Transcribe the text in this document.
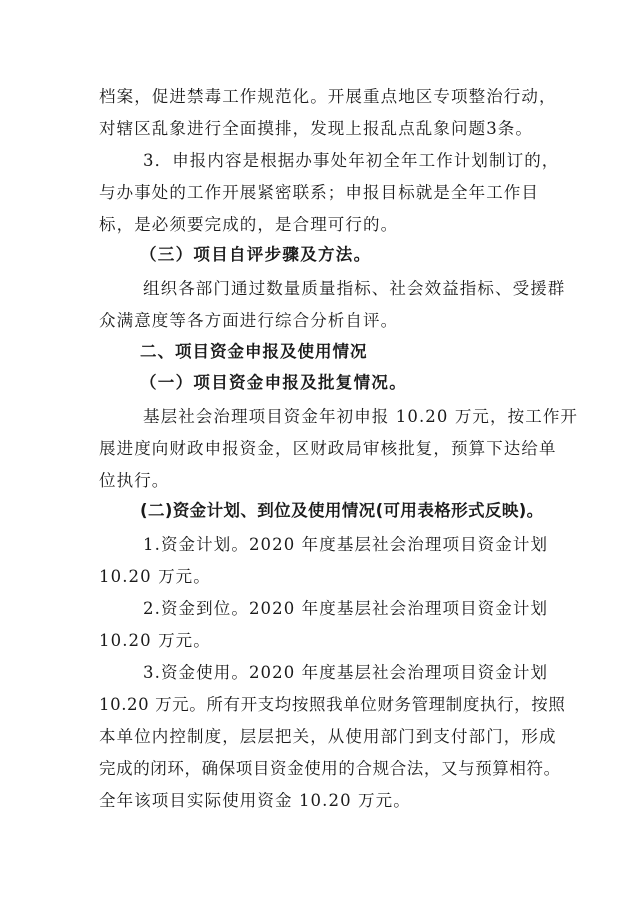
档案，促进禁毒工作规范化。开展重点地区专项整治行动，
对辖区乱象进行全面摸排，发现上报乱点乱象问题3条。
3．申报内容是根据办事处年初全年工作计划制订的，
与办事处的工作开展紧密联系；申报目标就是全年工作目
标，是必须要完成的，是合理可行的。
（三）项目自评步骤及方法。
组织各部门通过数量质量指标、社会效益指标、受援群
众满意度等各方面进行综合分析自评。
二、项目资金申报及使用情况
（一）项目资金申报及批复情况。
基层社会治理项目资金年初申报 10.20 万元，按工作开
展进度向财政申报资金，区财政局审核批复，预算下达给单
位执行。
(二)资金计划、到位及使用情况(可用表格形式反映)。
1.资金计划。2020 年度基层社会治理项目资金计划
10.20 万元。
2.资金到位。2020 年度基层社会治理项目资金计划
10.20 万元。
3.资金使用。2020 年度基层社会治理项目资金计划
10.20 万元。所有开支均按照我单位财务管理制度执行，按照
本单位内控制度，层层把关，从使用部门到支付部门，形成
完成的闭环，确保项目资金使用的合规合法，又与预算相符。
全年该项目实际使用资金 10.20 万元。
